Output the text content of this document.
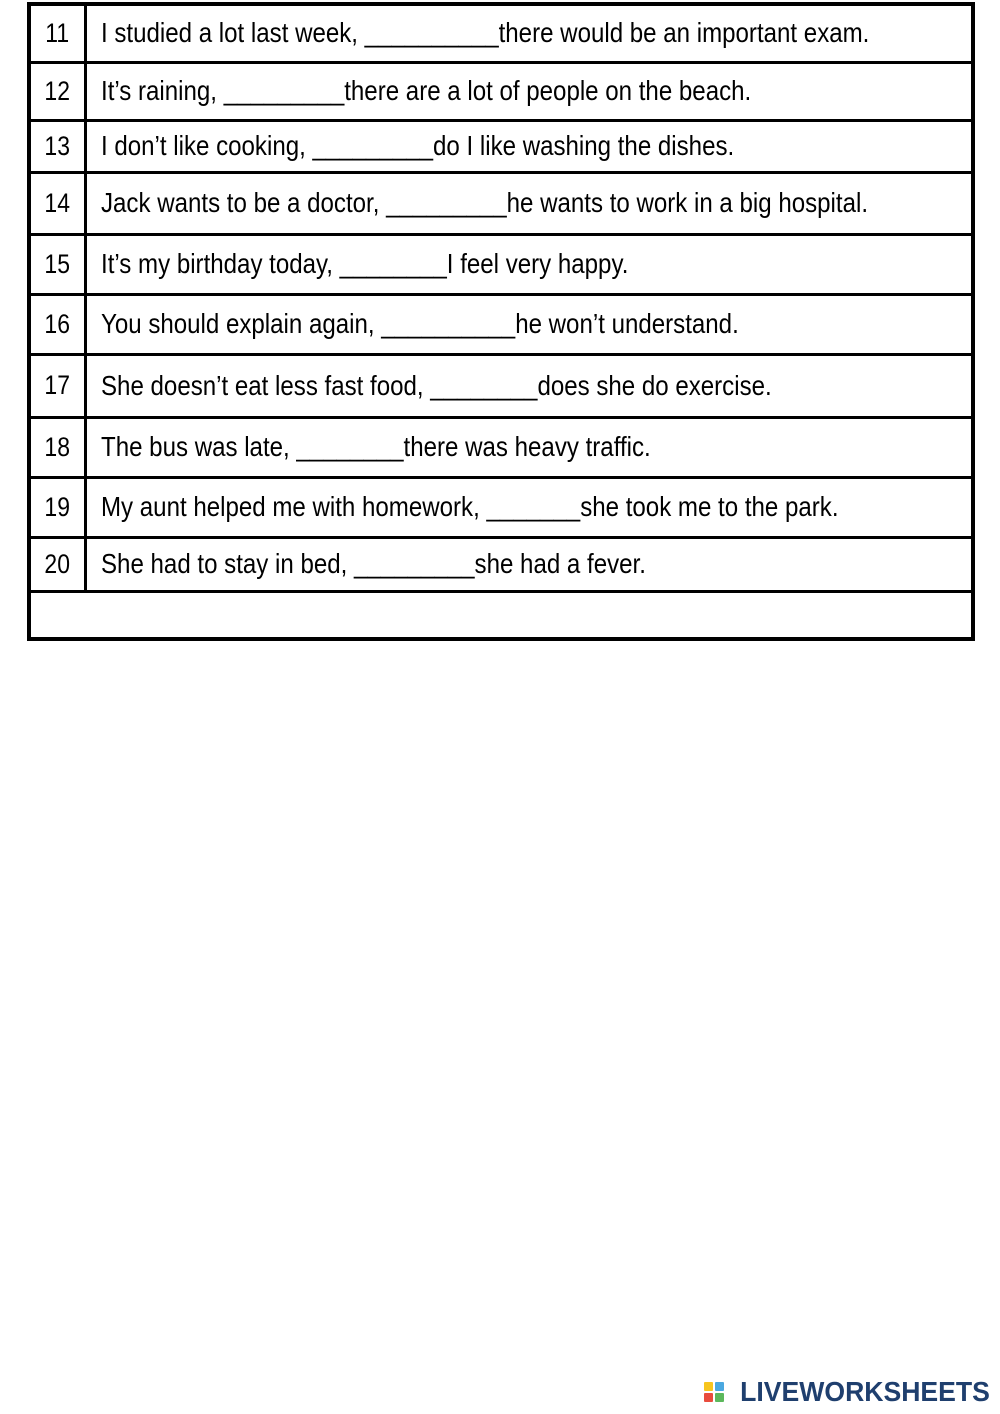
11	I studied a lot last week, __________there would be an important exam.
12	It’s raining, _________there are a lot of people on the beach.
13	I don’t like cooking, _________do I like washing the dishes.
14	Jack wants to be a doctor, _________he wants to work in a big hospital.
15	It’s my birthday today, ________I feel very happy.
16	You should explain again, __________he won’t understand.
17	She doesn’t eat less fast food, ________does she do exercise.
18	The bus was late, ________there was heavy traffic.
19	My aunt helped me with homework, _______she took me to the park.
20	She had to stay in bed, _________she had a fever.

LIVEWORKSHEETS
